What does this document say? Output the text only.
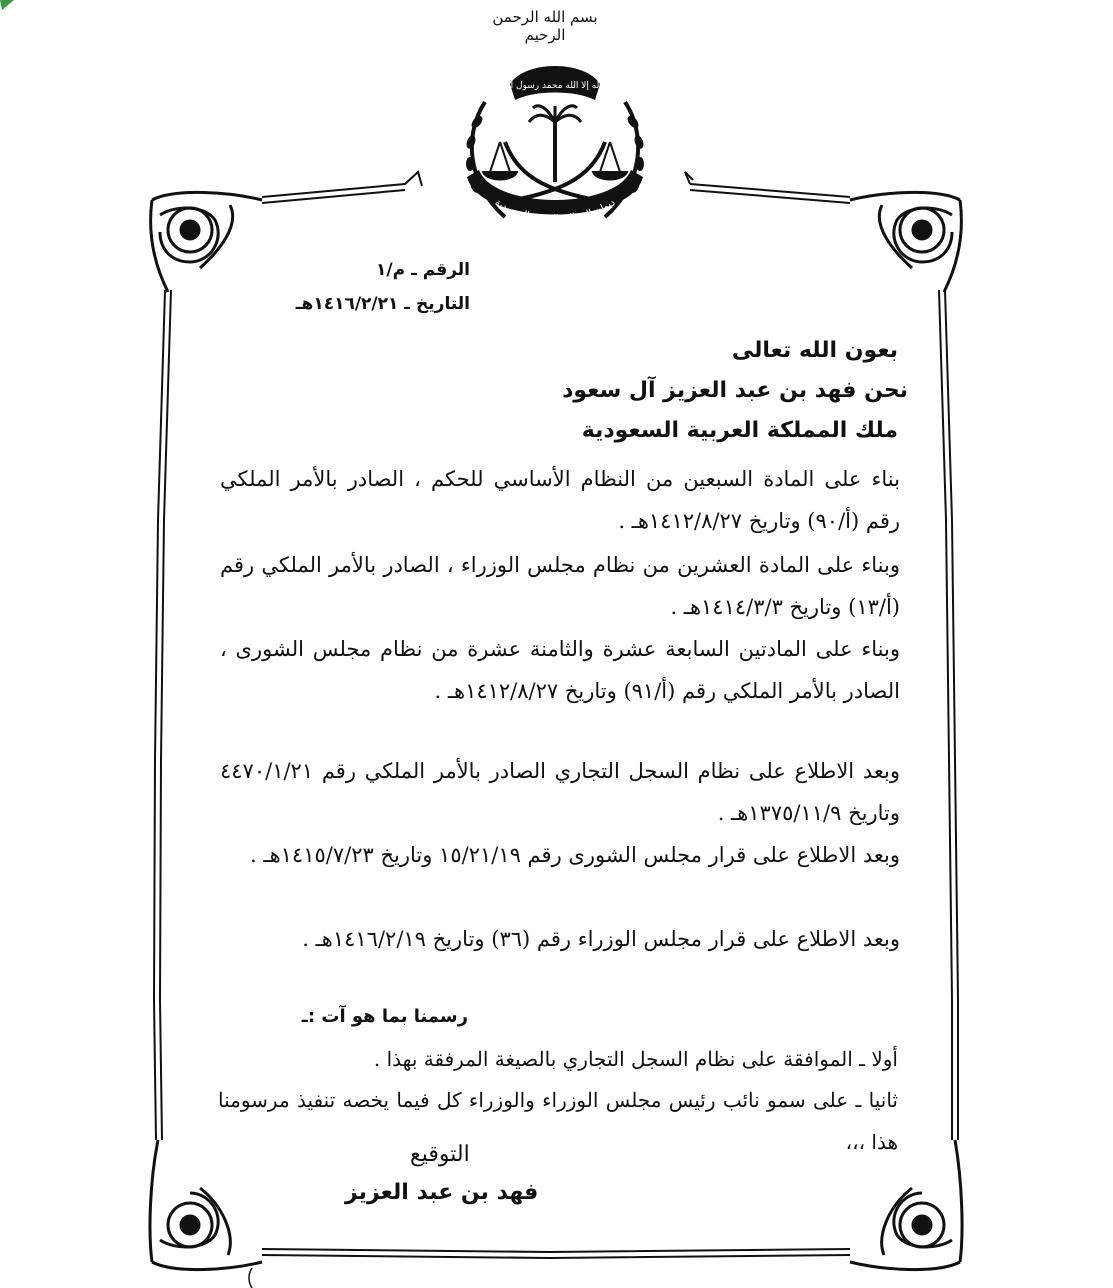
بسم الله الرحمن الرحيم
لا إله إلا الله محمد رسول الله
ديوان المملكة العربية السعودية
الرقم ـ م/١
التاريخ ـ ١٤١٦/٢/٢١هـ
بعون الله تعالى
نحن فهد بن عبد العزيز آل سعود
ملك المملكة العربية السعودية
بناء على المادة السبعين من النظام الأساسي للحكم ، الصادر بالأمر الملكي رقم (أ/٩٠) وتاريخ ١٤١٢/٨/٢٧هـ .
وبناء على المادة العشرين من نظام مجلس الوزراء ، الصادر بالأمر الملكي رقم (أ/١٣) وتاريخ ١٤١٤/٣/٣هـ .
وبناء على المادتين السابعة عشرة والثامنة عشرة من نظام مجلس الشورى ، الصادر بالأمر الملكي رقم (أ/٩١) وتاريخ ١٤١٢/٨/٢٧هـ .
وبعد الاطلاع على نظام السجل التجاري الصادر بالأمر الملكي رقم ٤٤٧٠/١/٢١ وتاريخ ١٣٧٥/١١/٩هـ .
وبعد الاطلاع على قرار مجلس الشورى رقم ١٥/٢١/١٩ وتاريخ ١٤١٥/٧/٢٣هـ .
وبعد الاطلاع على قرار مجلس الوزراء رقم (٣٦) وتاريخ ١٤١٦/٢/١٩هـ .
رسمنا بما هو آت :ـ
أولا ـ الموافقة على نظام السجل التجاري بالصيغة المرفقة بهذا .
ثانيا ـ على سمو نائب رئيس مجلس الوزراء والوزراء كل فيما يخصه تنفيذ مرسومنا هذا ،،،
التوقيع
فهد بن عبد العزيز
